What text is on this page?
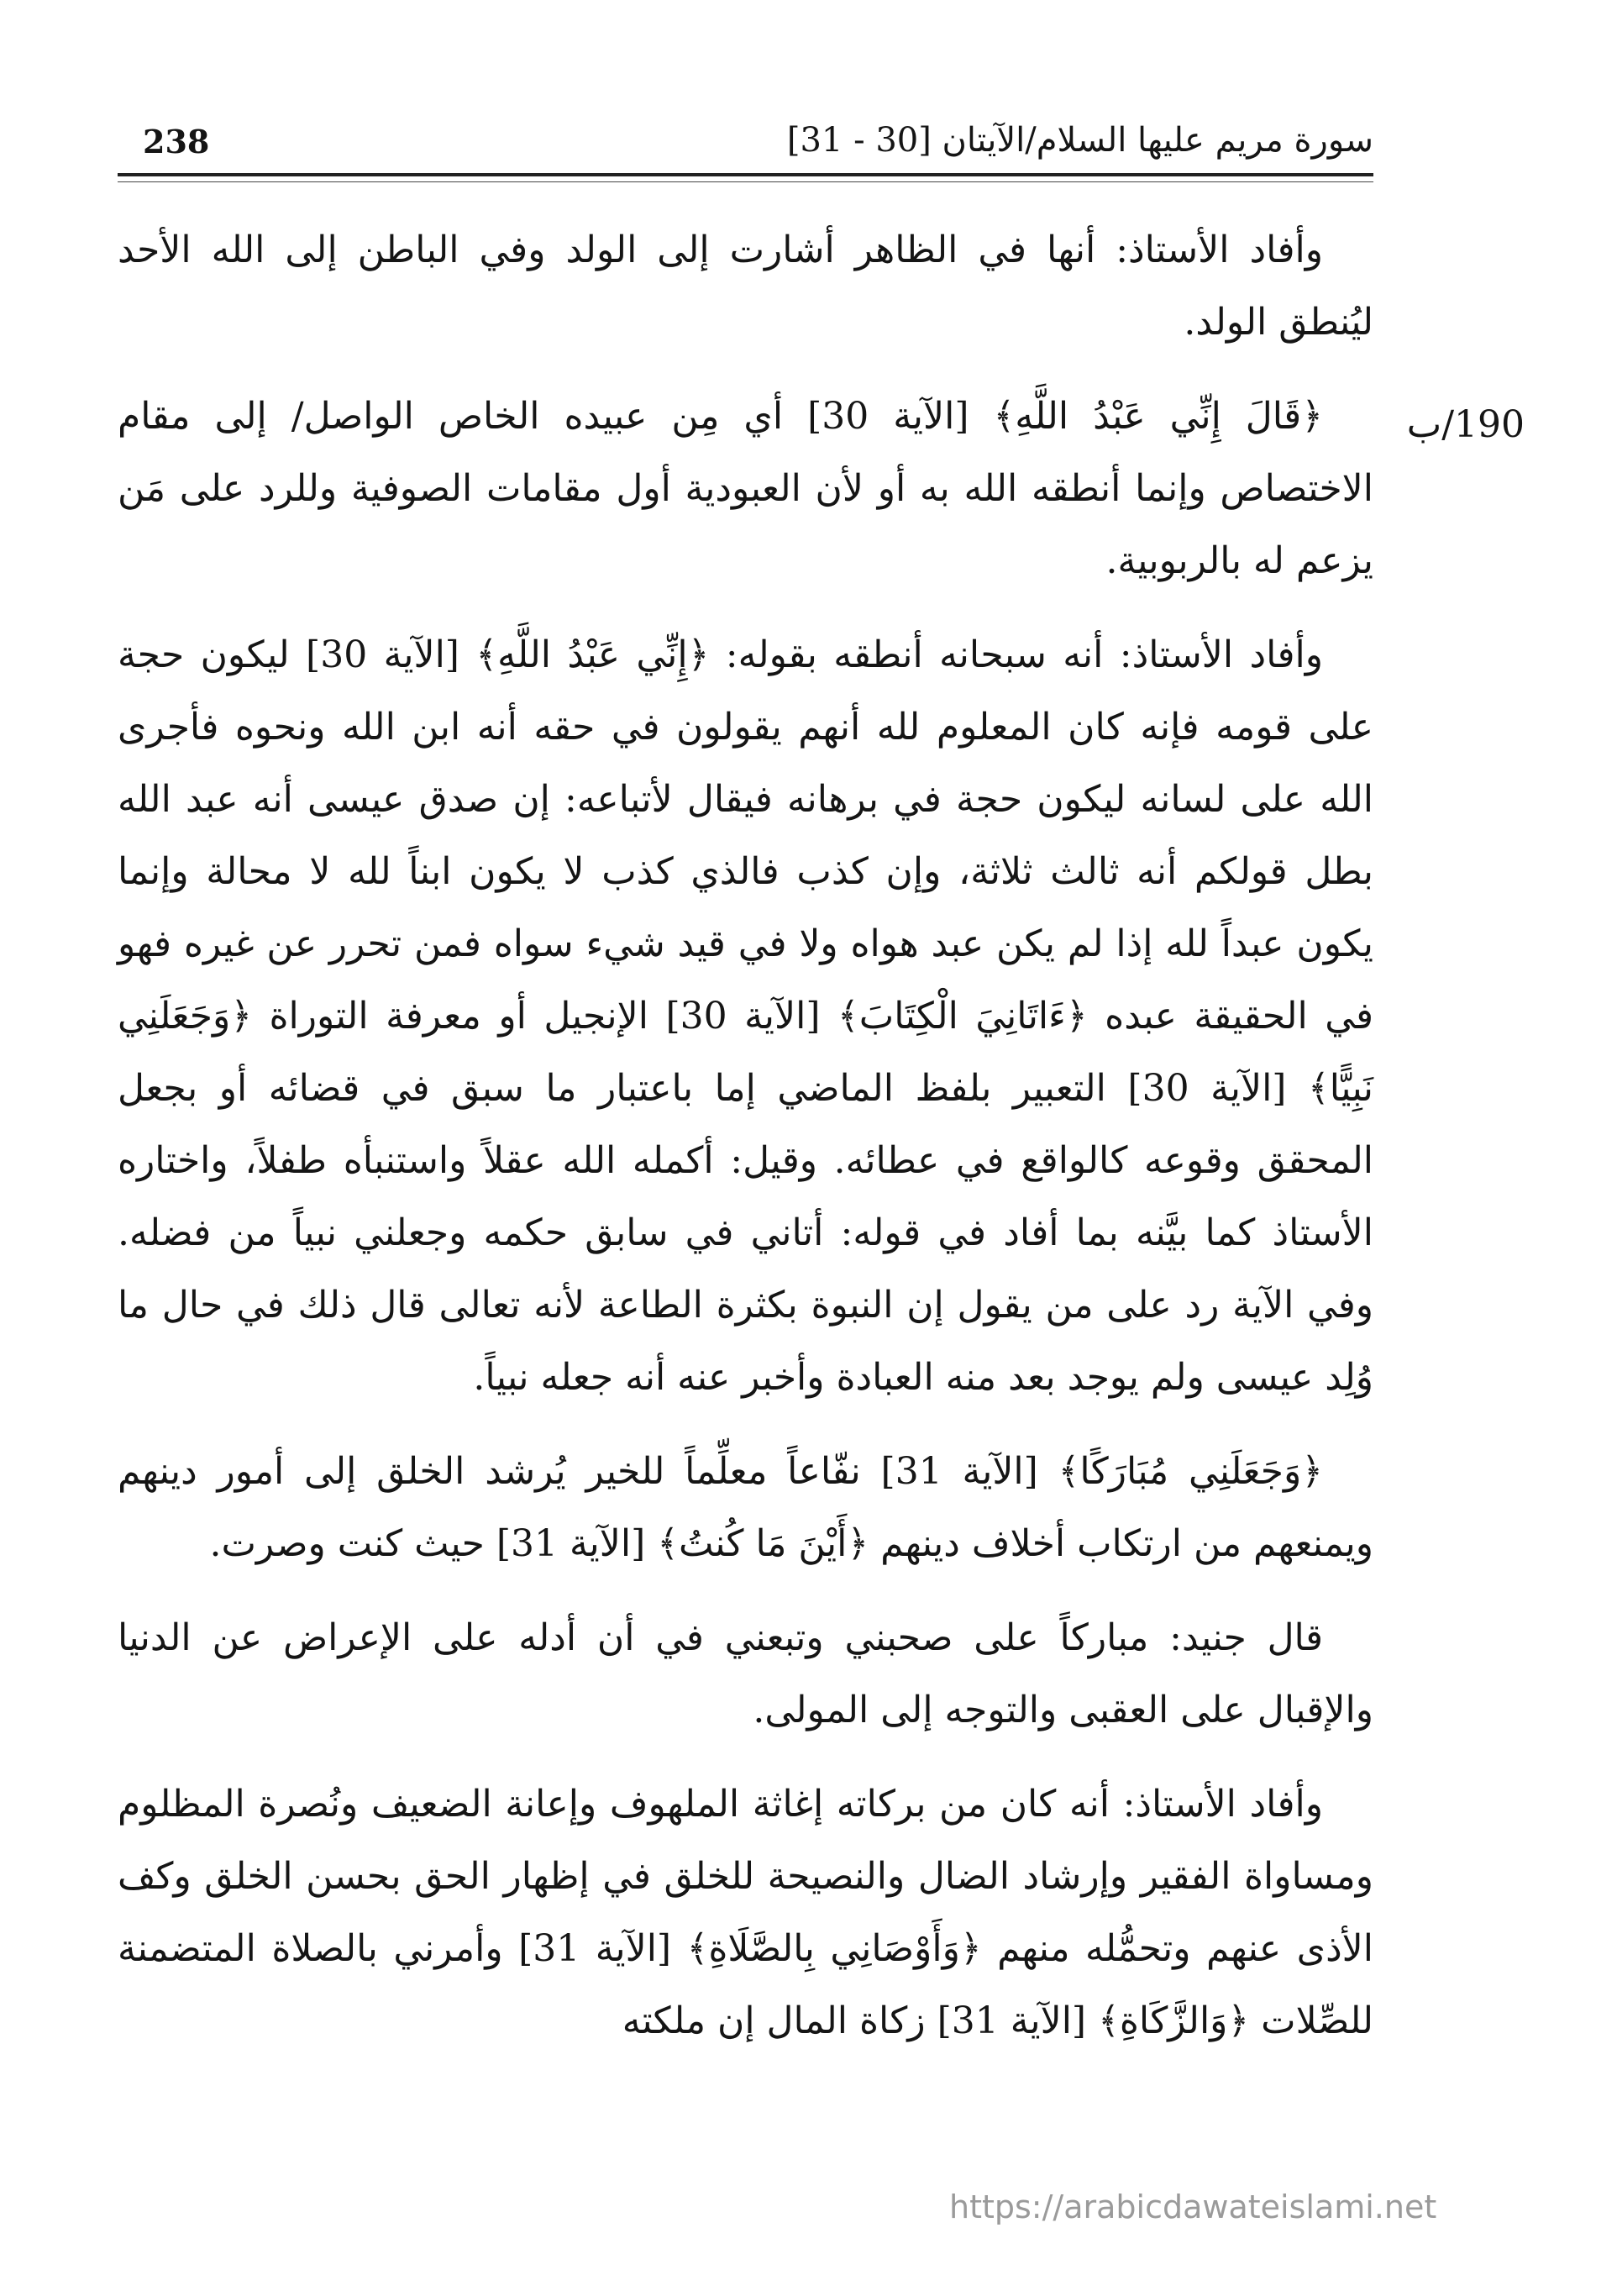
238	سورة مريم عليها السلام/الآيتان [30 - 31]
190/ب

وأفاد الأستاذ: أنها في الظاهر أشارت إلى الولد وفي الباطن إلى الله الأحد ليُنطق الولد.

﴿قَالَ إِنِّي عَبْدُ اللَّهِ﴾ [الآية 30] أي مِن عبيده الخاص الواصل/ إلى مقام الاختصاص وإنما أنطقه الله به أو لأن العبودية أول مقامات الصوفية وللرد على مَن يزعم له بالربوبية.

وأفاد الأستاذ: أنه سبحانه أنطقه بقوله: ﴿إِنِّي عَبْدُ اللَّهِ﴾ [الآية 30] ليكون حجة على قومه فإنه كان المعلوم لله أنهم يقولون في حقه أنه ابن الله ونحوه فأجرى الله على لسانه ليكون حجة في برهانه فيقال لأتباعه: إن صدق عيسى أنه عبد الله بطل قولكم أنه ثالث ثلاثة، وإن كذب فالذي كذب لا يكون ابناً لله لا محالة وإنما يكون عبداً لله إذا لم يكن عبد هواه ولا في قيد شيء سواه فمن تحرر عن غيره فهو في الحقيقة عبده ﴿ءَاتَانِيَ الْكِتَابَ﴾ [الآية 30] الإنجيل أو معرفة التوراة ﴿وَجَعَلَنِي نَبِيًّا﴾ [الآية 30] التعبير بلفظ الماضي إما باعتبار ما سبق في قضائه أو بجعل المحقق وقوعه كالواقع في عطائه. وقيل: أكمله الله عقلاً واستنبأه طفلاً، واختاره الأستاذ كما بيَّنه بما أفاد في قوله: أتاني في سابق حكمه وجعلني نبياً من فضله. وفي الآية رد على من يقول إن النبوة بكثرة الطاعة لأنه تعالى قال ذلك في حال ما وُلِد عيسى ولم يوجد بعد منه العبادة وأخبر عنه أنه جعله نبياً.

﴿وَجَعَلَنِي مُبَارَكًا﴾ [الآية 31] نفّاعاً معلِّماً للخير يُرشد الخلق إلى أمور دينهم ويمنعهم من ارتكاب أخلاف دينهم ﴿أَيْنَ مَا كُنتُ﴾ [الآية 31] حيث كنت وصرت.

قال جنيد: مباركاً على صحبني وتبعني في أن أدله على الإعراض عن الدنيا والإقبال على العقبى والتوجه إلى المولى.

وأفاد الأستاذ: أنه كان من بركاته إغاثة الملهوف وإعانة الضعيف ونُصرة المظلوم ومساواة الفقير وإرشاد الضال والنصيحة للخلق في إظهار الحق بحسن الخلق وكف الأذى عنهم وتحمُّله منهم ﴿وَأَوْصَانِي بِالصَّلَاةِ﴾ [الآية 31] وأمرني بالصلاة المتضمنة للصِّلات ﴿وَالزَّكَاةِ﴾ [الآية 31] زكاة المال إن ملكته

https://arabicdawateislami.net
